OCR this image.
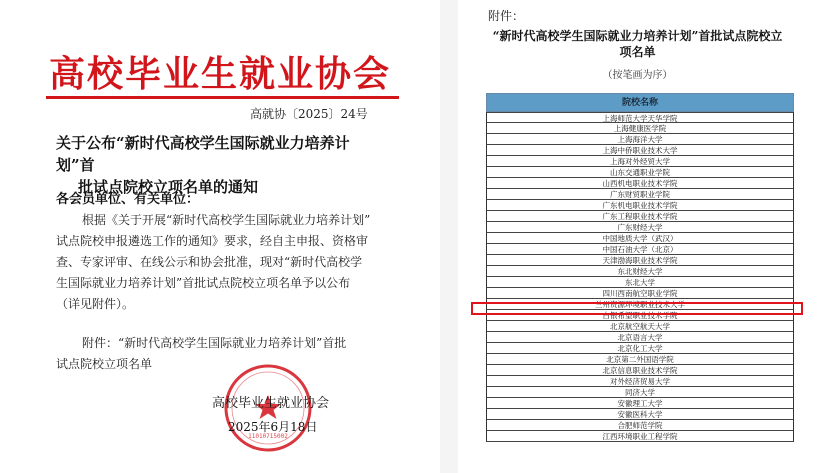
高校毕业生就业协会
高就协〔2025〕24号
关于公布“新时代高校学生国际就业力培养计划”首
批试点院校立项名单的通知
各会员单位、有关单位：
根据《关于开展“新时代高校学生国际就业力培养计划”
试点院校申报遴选工作的通知》要求，经自主申报、资格审
查、专家评审、在线公示和协会批准，现对“新时代高校学
生国际就业力培养计划”首批试点院校立项名单予以公布
（详见附件）。
附件：“新时代高校学生国际就业力培养计划”首批
试点院校立项名单
11010715002
高校毕业生就业协会
2025年6月18日
附件：
“新时代高校学生国际就业力培养计划”首批试点院校立
项名单
（按笔画为序）
院校名称
上海师范大学天华学院
上海健康医学院
上海海洋大学
上海中侨职业技术大学
上海对外经贸大学
山东交通职业学院
山西机电职业技术学院
广东财贸职业学院
广东机电职业技术学院
广东工程职业技术学院
广东财经大学
中国地质大学（武汉）
中国石油大学（北京）
天津渤海职业技术学院
东北财经大学
东北大学
四川西南航空职业学院
兰州资源环境职业技术大学
白银希望职业技术学院
北京航空航天大学
北京语言大学
北京化工大学
北京第二外国语学院
北京信息职业技术学院
对外经济贸易大学
同济大学
安徽理工大学
安徽医科大学
合肥师范学院
江西环境职业工程学院
